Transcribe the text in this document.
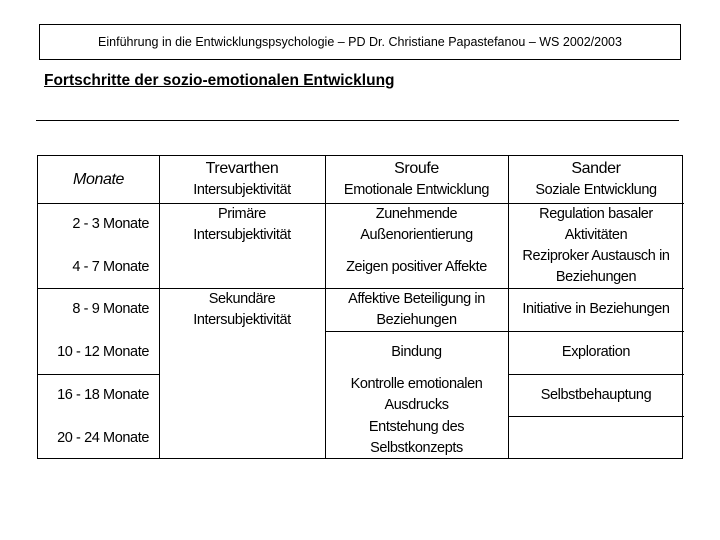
Einführung in die Entwicklungspsychologie – PD Dr. Christiane Papastefanou – WS 2002/2003
Fortschritte der sozio-emotionalen Entwicklung
Monate
Trevarthen
Intersubjektivität
Sroufe
Emotionale Entwicklung
Sander
Soziale Entwicklung
2 - 3 Monate
4 - 7 Monate
8 - 9 Monate
10 - 12 Monate
16 - 18 Monate
20 - 24 Monate
Primäre
Intersubjektivität
Sekundäre
Intersubjektivität
Zunehmende
Außenorientierung
Zeigen positiver Affekte
Affektive Beteiligung in
Beziehungen
Bindung
Kontrolle emotionalen
Ausdrucks
Entstehung des
Selbstkonzepts
Regulation basaler
Aktivitäten
Reziproker Austausch in
Beziehungen
Initiative in Beziehungen
Exploration
Selbstbehauptung
